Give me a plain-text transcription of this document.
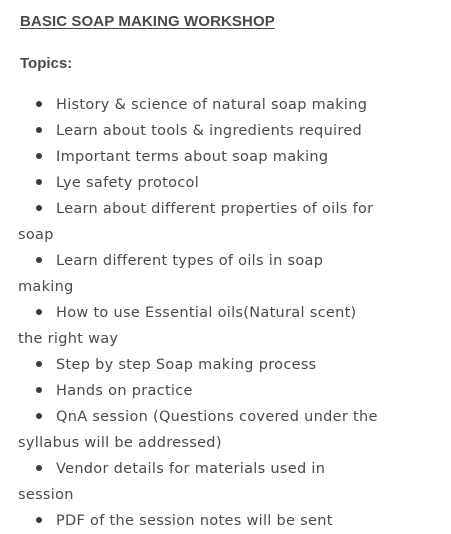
BASIC SOAP MAKING WORKSHOP
Topics:
History & science of natural soap making
Learn about tools & ingredients required
Important terms about soap making
Lye safety protocol
Learn about different properties of oils for soap
Learn different types of oils in soap making
How to use Essential oils(Natural scent) the right way
Step by step Soap making process
Hands on practice
QnA session (Questions covered under the syllabus will be addressed)
Vendor details for materials used in session
PDF of the session notes will be sent
